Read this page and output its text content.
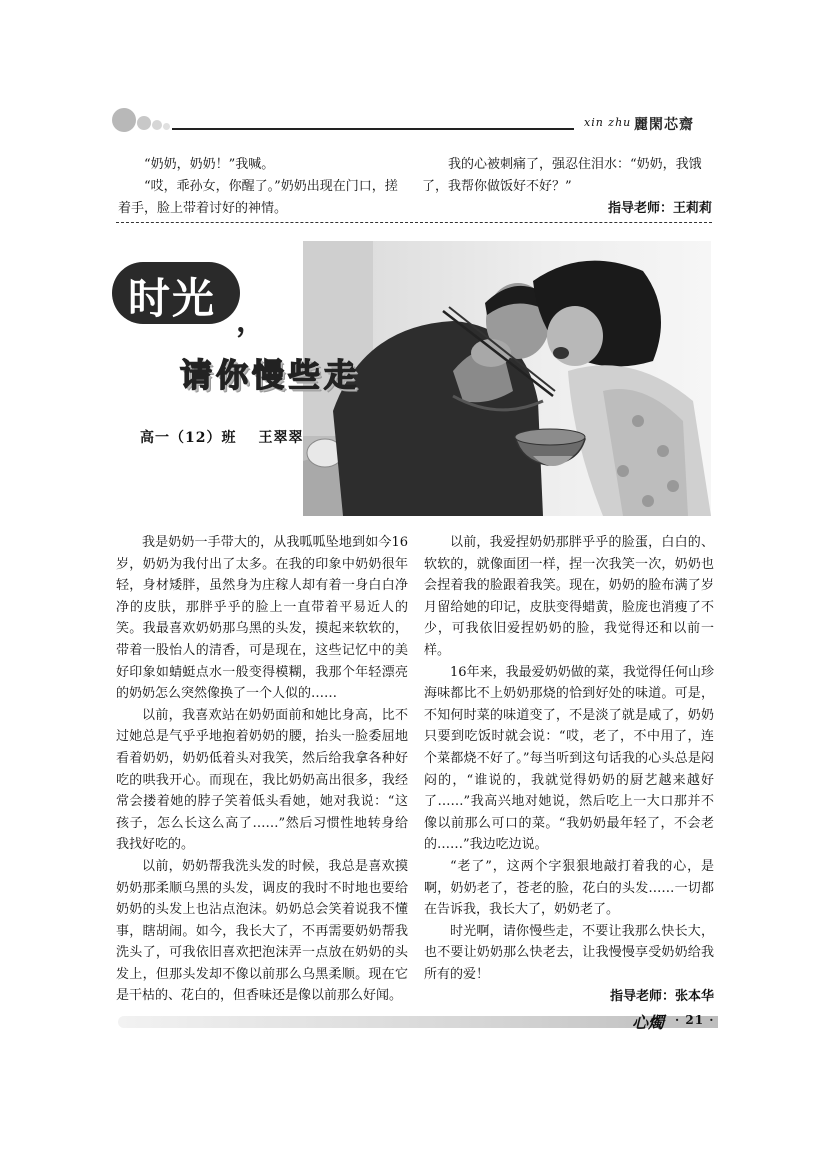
xin zhu 麗閑芯齋

“奶奶，奶奶！”我喊。

“哎，乖孙女，你醒了。”奶奶出现在门口，搓着手，脸上带着讨好的神情。

我的心被刺痛了，强忍住泪水：“奶奶，我饿了，我帮你做饭好不好？”

指导老师：王莉莉

时光 ，
请你慢些走
高一（12）班 王翠翠

我是奶奶一手带大的，从我呱呱坠地到如今16岁，奶奶为我付出了太多。在我的印象中奶奶很年轻，身材矮胖，虽然身为庄稼人却有着一身白白净净的皮肤，那胖乎乎的脸上一直带着平易近人的笑。我最喜欢奶奶那乌黑的头发，摸起来软软的，带着一股怡人的清香，可是现在，这些记忆中的美好印象如蜻蜓点水一般变得模糊，我那个年轻漂亮的奶奶怎么突然像换了一个人似的……

以前，我喜欢站在奶奶面前和她比身高，比不过她总是气乎乎地抱着奶奶的腰，抬头一脸委屈地看着奶奶，奶奶低着头对我笑，然后给我拿各种好吃的哄我开心。而现在，我比奶奶高出很多，我经常会搂着她的脖子笑着低头看她，她对我说：“这孩子，怎么长这么高了……”然后习惯性地转身给我找好吃的。

以前，奶奶帮我洗头发的时候，我总是喜欢摸奶奶那柔顺乌黑的头发，调皮的我时不时地也要给奶奶的头发上也沾点泡沫。奶奶总会笑着说我不懂事，瞎胡闹。如今，我长大了，不再需要奶奶帮我洗头了，可我依旧喜欢把泡沫弄一点放在奶奶的头发上，但那头发却不像以前那么乌黑柔顺。现在它是干枯的、花白的，但香味还是像以前那么好闻。

以前，我爱捏奶奶那胖乎乎的脸蛋，白白的、软软的，就像面团一样，捏一次我笑一次，奶奶也会捏着我的脸跟着我笑。现在，奶奶的脸布满了岁月留给她的印记，皮肤变得蜡黄，脸庞也消瘦了不少，可我依旧爱捏奶奶的脸，我觉得还和以前一样。

16年来，我最爱奶奶做的菜，我觉得任何山珍海味都比不上奶奶那烧的恰到好处的味道。可是，不知何时菜的味道变了，不是淡了就是咸了，奶奶只要到吃饭时就会说：“哎，老了，不中用了，连个菜都烧不好了。”每当听到这句话我的心头总是闷闷的，“谁说的，我就觉得奶奶的厨艺越来越好了……”我高兴地对她说，然后吃上一大口那并不像以前那么可口的菜。“我奶奶最年轻了，不会老的……”我边吃边说。

“老了”，这两个字狠狠地敲打着我的心，是啊，奶奶老了，苍老的脸，花白的头发……一切都在告诉我，我长大了，奶奶老了。

时光啊，请你慢些走，不要让我那么快长大，也不要让奶奶那么快老去，让我慢慢享受奶奶给我所有的爱！

指导老师：张本华

心燭 · 21 ·
